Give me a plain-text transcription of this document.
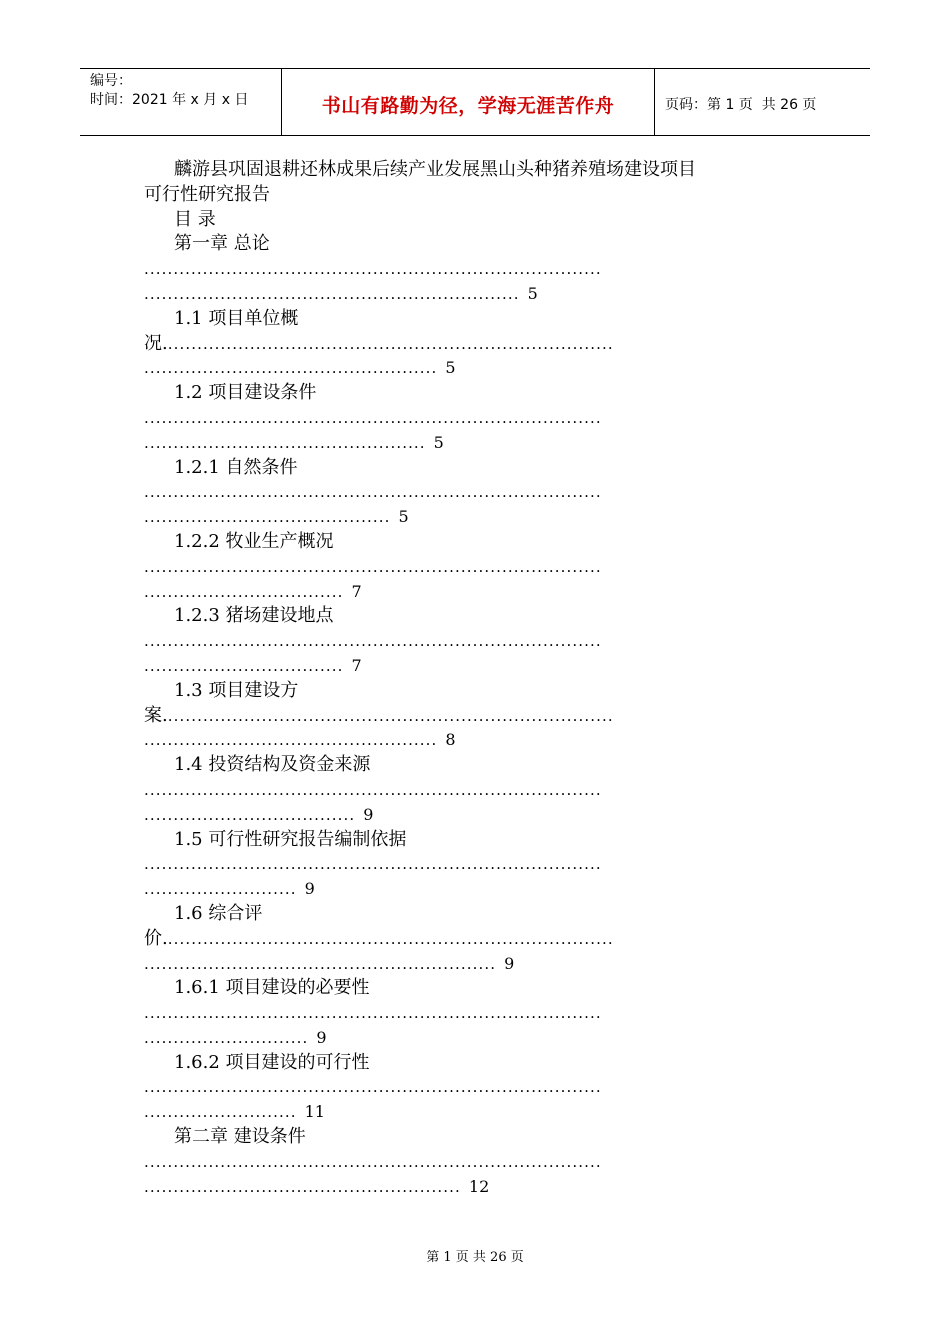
编号：
时间：2021 年 x 月 x 日	书山有路勤为径，学海无涯苦作舟	页码：第 1 页  共 26 页
麟游县巩固退耕还林成果后续产业发展黑山头种猪养殖场建设项目
可行性研究报告
目 录
第一章 总论
..............................................................................
................................................................ 5
1.1 项目单位概
况.............................................................................
.................................................. 5
1.2 项目建设条件
..............................................................................
................................................ 5
1.2.1 自然条件
..............................................................................
.......................................... 5
1.2.2 牧业生产概况
..............................................................................
.................................. 7
1.2.3 猪场建设地点
..............................................................................
.................................. 7
1.3 项目建设方
案.............................................................................
.................................................. 8
1.4 投资结构及资金来源
..............................................................................
.................................... 9
1.5 可行性研究报告编制依据
..............................................................................
.......................... 9
1.6 综合评
价.............................................................................
............................................................ 9
1.6.1 项目建设的必要性
..............................................................................
............................ 9
1.6.2 项目建设的可行性
..............................................................................
.......................... 11
第二章 建设条件
..............................................................................
...................................................... 12
第 1 页 共 26 页
